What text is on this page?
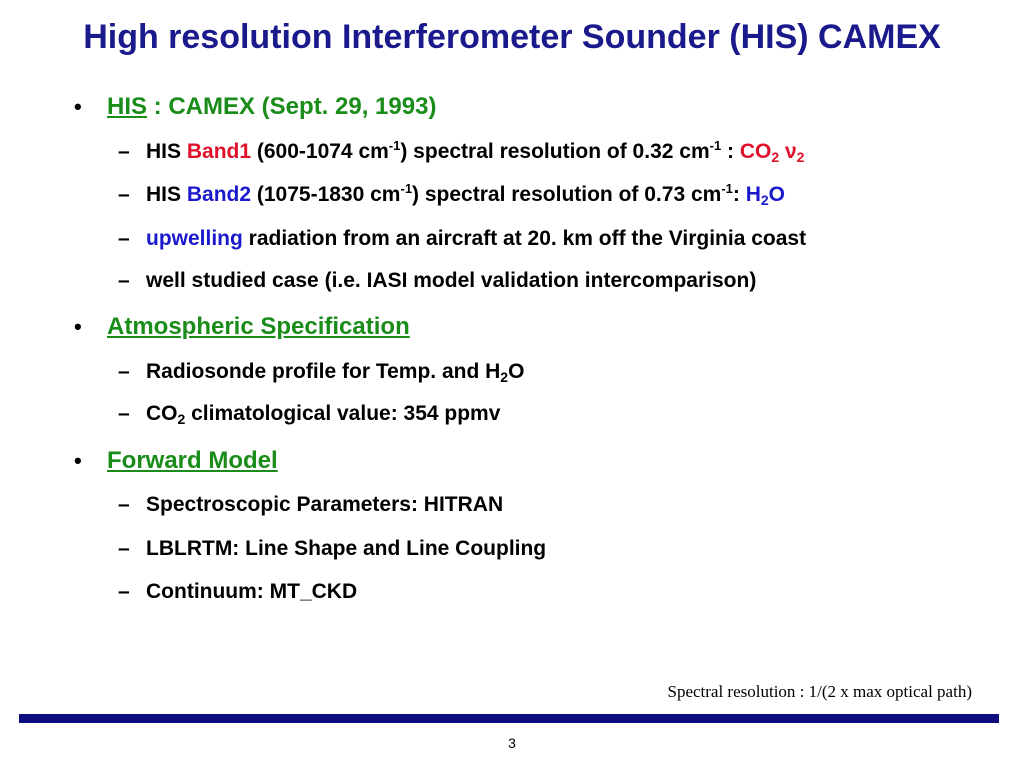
High resolution Interferometer Sounder (HIS) CAMEX
• HIS : CAMEX (Sept. 29, 1993)
– HIS Band1 (600-1074 $cm^{-1}$) spectral resolution of 0.32 $cm^{-1}$ : $CO_2$ $\nu_2$
– HIS Band2 (1075-1830 $cm^{-1}$) spectral resolution of 0.73 $cm^{-1}$: $H_2O$
– upwelling radiation from an aircraft at 20. km off the Virginia coast
– well studied case (i.e. IASI model validation intercomparison)
• Atmospheric Specification
– Radiosonde profile for Temp. and $H_2O$
– $CO_2$ climatological value: 354 ppmv
• Forward Model
– Spectroscopic Parameters: HITRAN
– LBLRTM: Line Shape and Line Coupling
– Continuum: MT_CKD
Spectral resolution : 1/(2 x max optical path)
3
